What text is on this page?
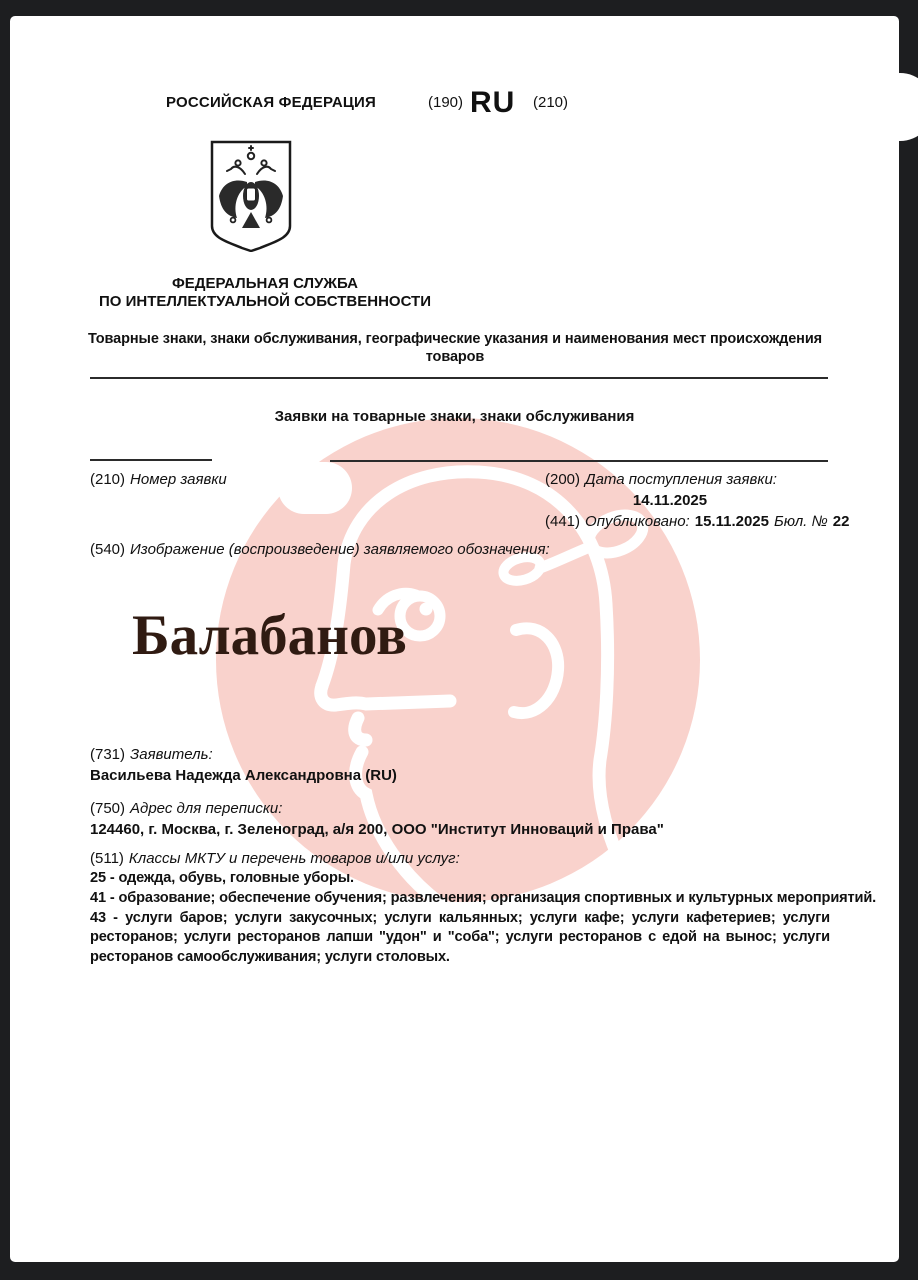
РОССИЙСКАЯ ФЕДЕРАЦИЯ	(190) RU (210)
ФЕДЕРАЛЬНАЯ СЛУЖБА
ПО ИНТЕЛЛЕКТУАЛЬНОЙ СОБСТВЕННОСТИ
Товарные знаки, знаки обслуживания, географические указания и наименования мест происхождения товаров
Заявки на товарные знаки, знаки обслуживания
(210) Номер заявки	(200) Дата поступления заявки:
14.11.2025
(441) Опубликовано: 15.11.2025 Бюл. № 22
(540) Изображение (воспроизведение) заявляемого обозначения:
Балабанов
(731) Заявитель:
Васильева Надежда Александровна (RU)
(750) Адрес для переписки:
124460, г. Москва, г. Зеленоград, а/я 200, ООО "Институт Инноваций и Права"
(511) Классы МКТУ и перечень товаров и/или услуг:

25 - одежда, обувь, головные уборы.

41 - образование; обеспечение обучения; развлечения; организация спортивных и культурных мероприятий.

43 - услуги баров; услуги закусочных; услуги кальянных; услуги кафе; услуги кафетериев; услуги ресторанов; услуги ресторанов лапши "удон" и "соба"; услуги ресторанов с едой на вынос; услуги ресторанов самообслуживания; услуги столовых.
